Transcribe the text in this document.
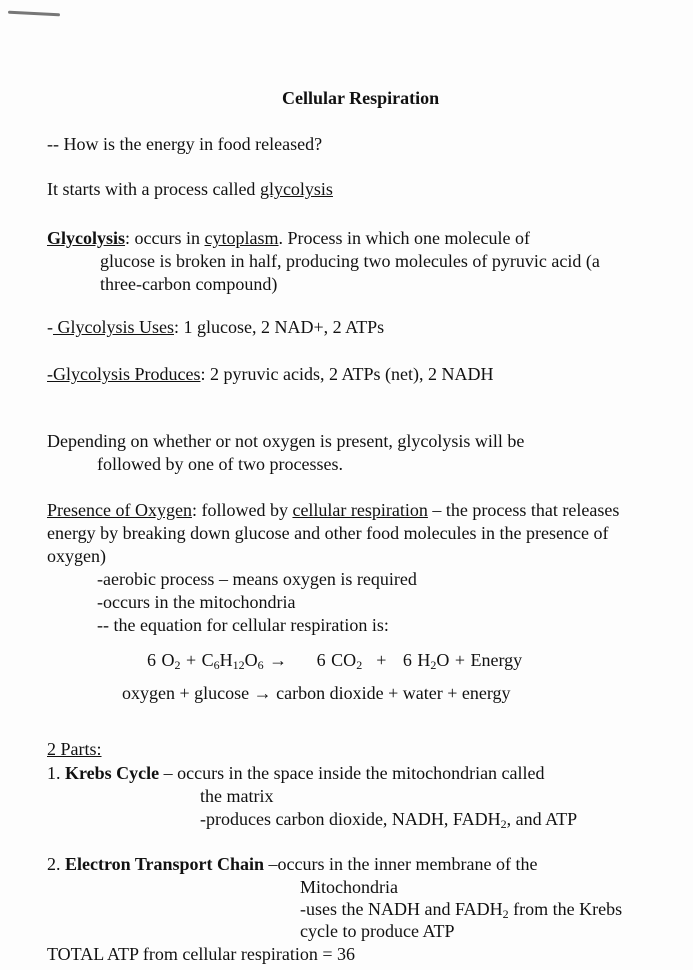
Cellular Respiration
-- How is the energy in food released?
It starts with a process called glycolysis
Glycolysis: occurs in cytoplasm. Process in which one molecule of
glucose is broken in half, producing two molecules of pyruvic acid (a
three-carbon compound)
- Glycolysis Uses: 1 glucose, 2 NAD+, 2 ATPs
-Glycolysis Produces: 2 pyruvic acids, 2 ATPs (net), 2 NADH
Depending on whether or not oxygen is present, glycolysis will be
followed by one of two processes.
Presence of Oxygen: followed by cellular respiration – the process that releases
energy by breaking down glucose and other food molecules in the presence of
oxygen)
-aerobic process – means oxygen is required
-occurs in the mitochondria
-- the equation for cellular respiration is:
6 $O_2 + C_6H_{12}O_6 \to 6$ $CO_2 + 6$ $H_2O$ + Energy
oxygen + glucose → carbon dioxide + water + energy
2 Parts:
1. Krebs Cycle – occurs in the space inside the mitochondrian called
the matrix
-produces carbon dioxide, NADH, $FADH_2$, and ATP
2. Electron Transport Chain –occurs in the inner membrane of the
Mitochondria
-uses the NADH and $FADH_2$ from the Krebs
cycle to produce ATP
TOTAL ATP from cellular respiration = 36
